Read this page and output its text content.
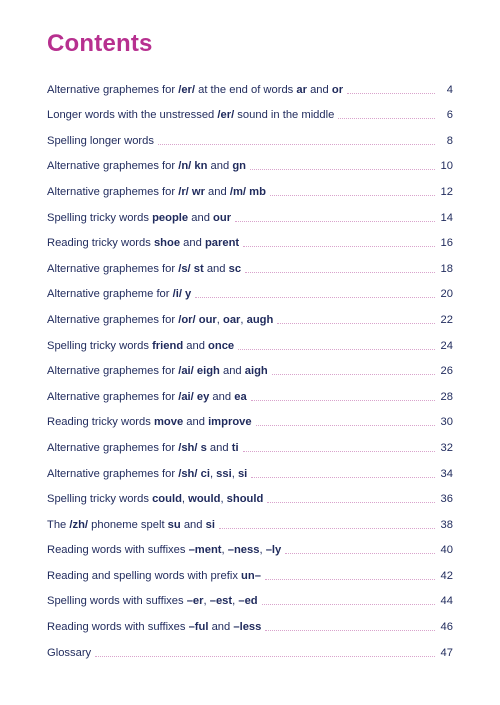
Contents
Alternative graphemes for /er/ at the end of words ar and or	4
Longer words with the unstressed /er/ sound in the middle	6
Spelling longer words	8
Alternative graphemes for /n/ kn and gn	10
Alternative graphemes for /r/ wr and /m/ mb	12
Spelling tricky words people and our	14
Reading tricky words shoe and parent	16
Alternative graphemes for /s/ st and sc	18
Alternative grapheme for /i/ y	20
Alternative graphemes for /or/ our, oar, augh	22
Spelling tricky words friend and once	24
Alternative graphemes for /ai/ eigh and aigh	26
Alternative graphemes for /ai/ ey and ea	28
Reading tricky words move and improve	30
Alternative graphemes for /sh/ s and ti	32
Alternative graphemes for /sh/ ci, ssi, si	34
Spelling tricky words could, would, should	36
The /zh/ phoneme spelt su and si	38
Reading words with suffixes –ment, –ness, –ly	40
Reading and spelling words with prefix un–	42
Spelling words with suffixes –er, –est, –ed	44
Reading words with suffixes –ful and –less	46
Glossary	47
